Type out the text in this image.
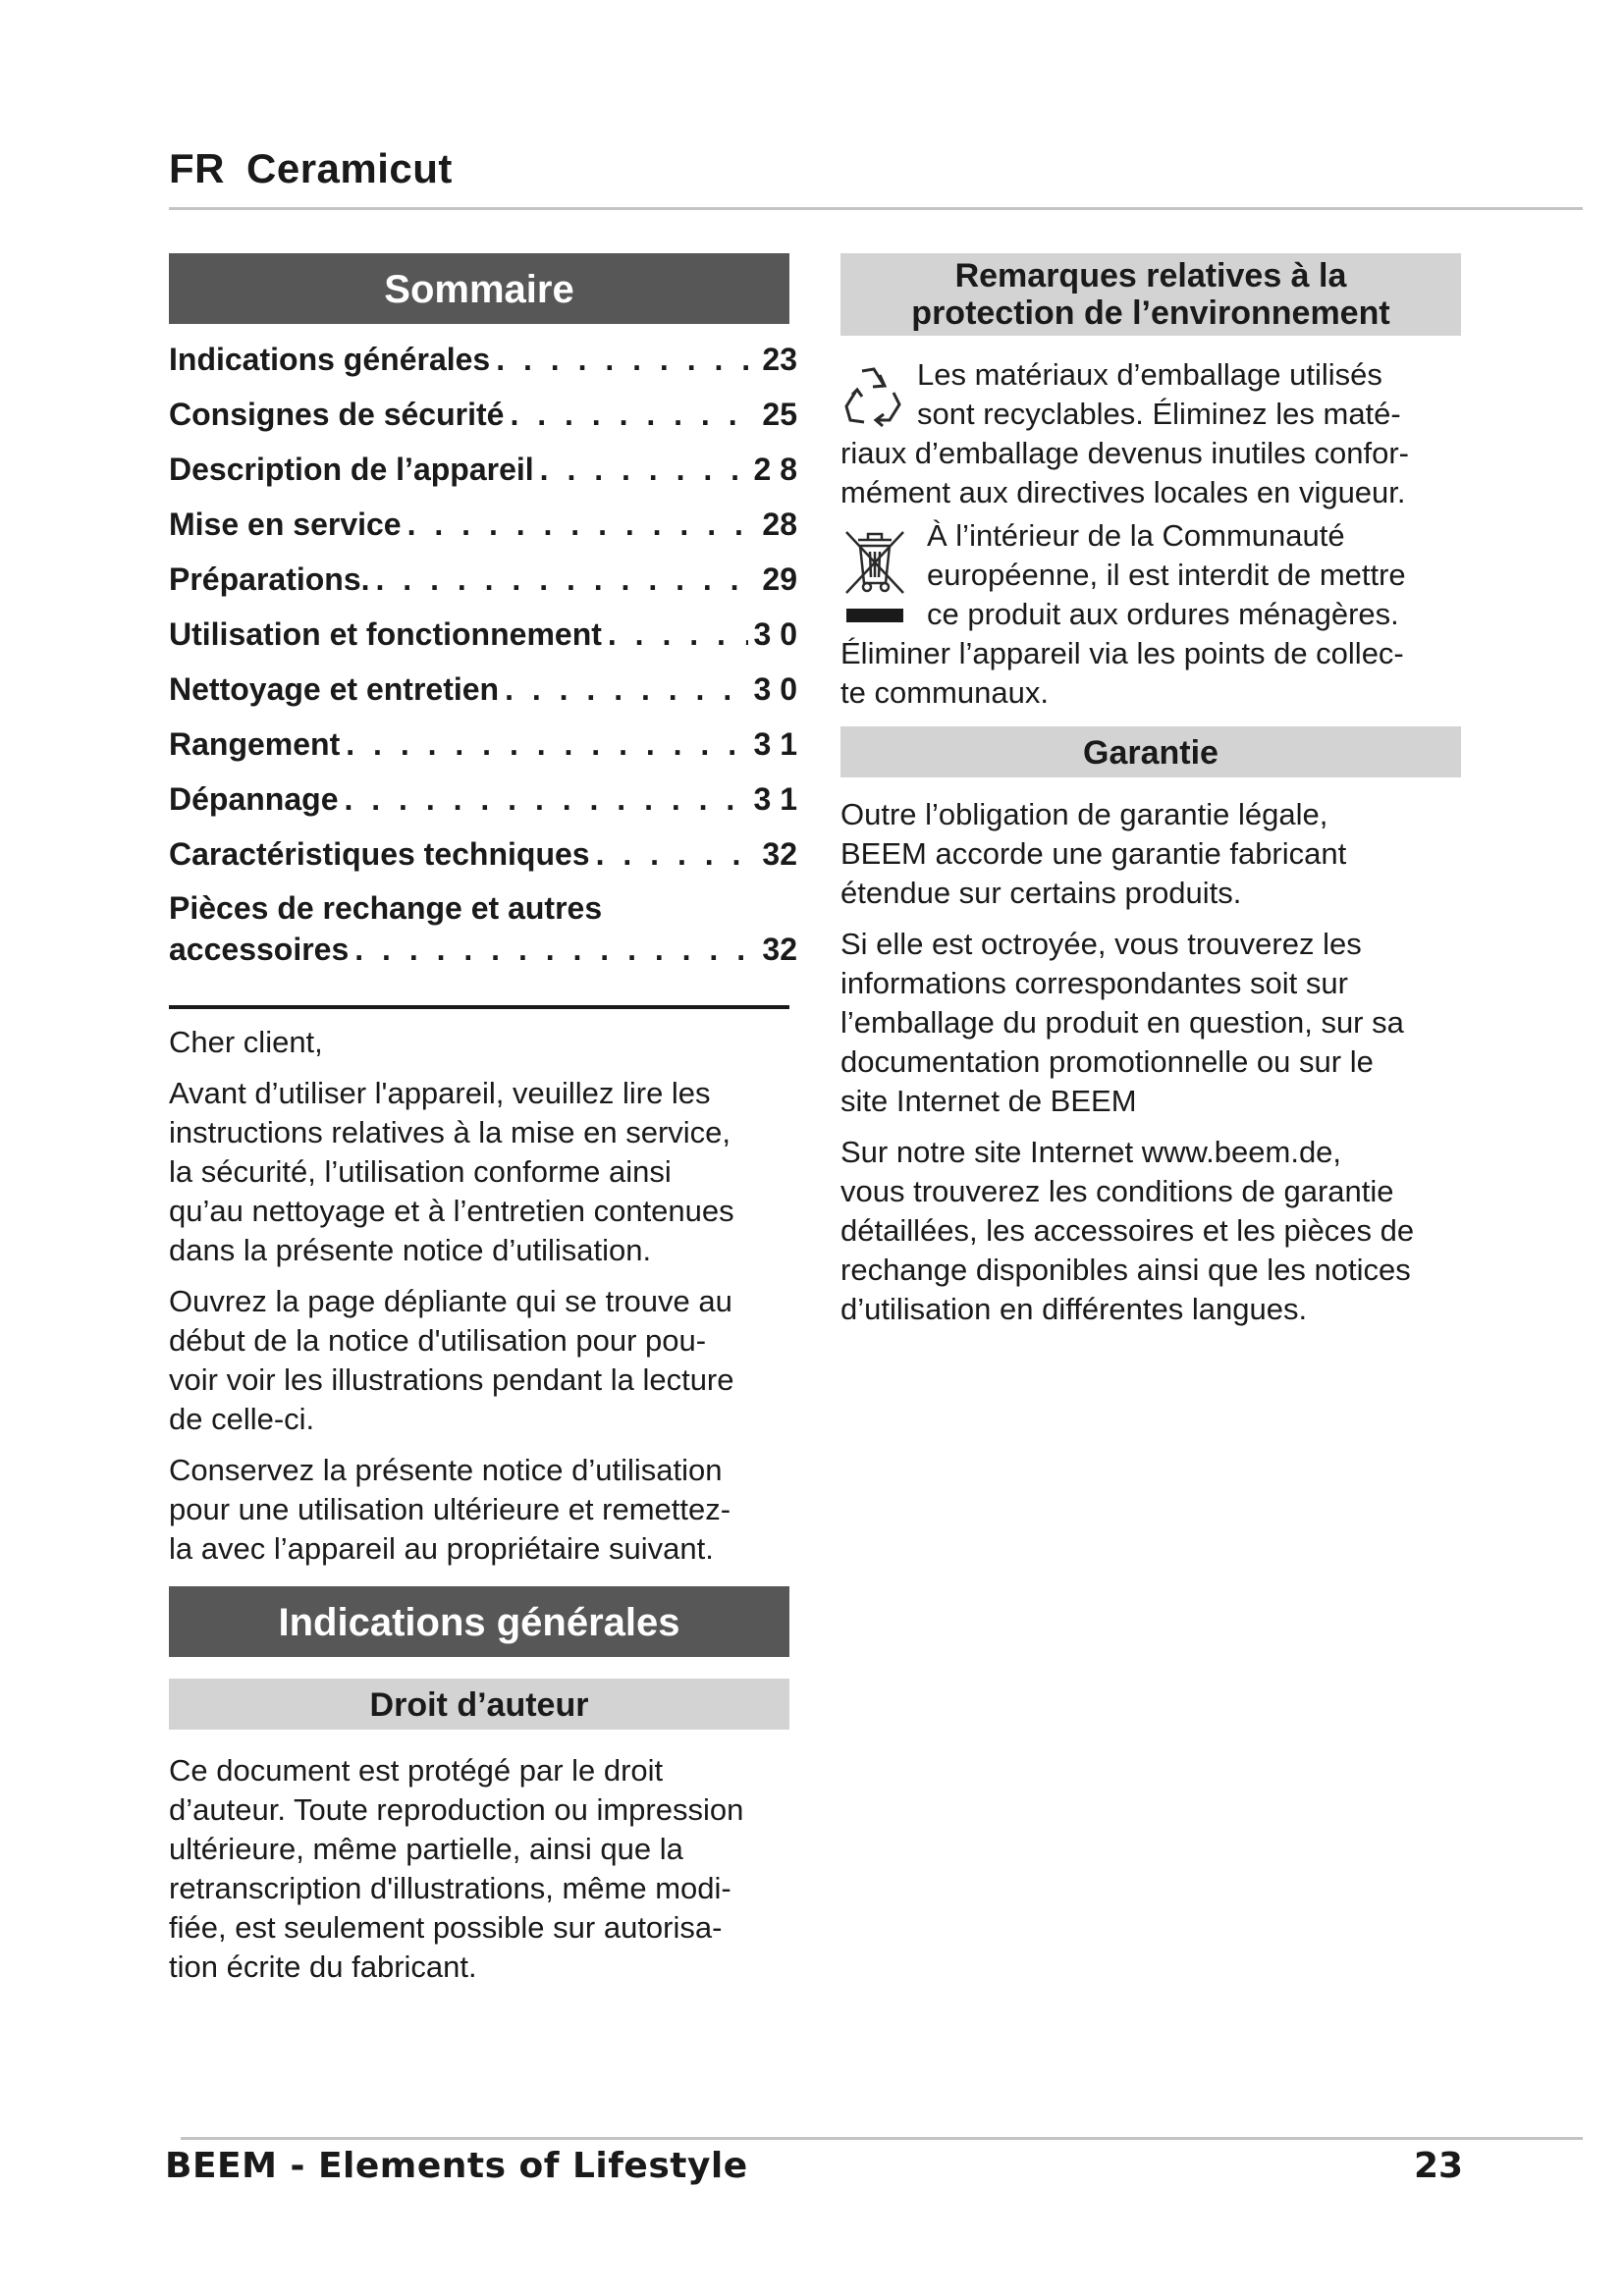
FR Ceramicut
Sommaire
Indications générales . . .	23
Consignes de sécurité . . .	25
Description de l’appareil . . .	2 8
Mise en service . . .	28
Préparations. . . .	29
Utilisation et fonctionnement . . .	3 0
Nettoyage et entretien . . .	3 0
Rangement . . .	3 1
Dépannage . . .	3 1
Caractéristiques techniques . . .	32
Pièces de rechange et autres
accessoires . . .	32

Cher client,

Avant d’utiliser l'appareil, veuillez lire les
instructions relatives à la mise en service,
la sécurité, l’utilisation conforme ainsi
qu’au nettoyage et à l’entretien contenues
dans la présente notice d’utilisation.
Ouvrez la page dépliante qui se trouve au
début de la notice d'utilisation pour pou-
voir voir les illustrations pendant la lecture
de celle-ci.
Conservez la présente notice d’utilisation
pour une utilisation ultérieure et remettez-
la avec l’appareil au propriétaire suivant.
Indications générales
Droit d’auteur
Ce document est protégé par le droit
d’auteur. Toute reproduction ou impression
ultérieure, même partielle, ainsi que la
retranscription d'illustrations, même modi-
fiée, est seulement possible sur autorisa-
tion écrite du fabricant.
Remarques relatives à la
protection de l’environnement
Les matériaux d’emballage utilisés
sont recyclables. Éliminez les maté-
riaux d’emballage devenus inutiles confor-
mément aux directives locales en vigueur.
À l’intérieur de la Communauté
européenne, il est interdit de mettre
ce produit aux ordures ménagères.
Éliminer l’appareil via les points de collec-
te communaux.
Garantie
Outre l’obligation de garantie légale,
BEEM accorde une garantie fabricant
étendue sur certains produits.
Si elle est octroyée, vous trouverez les
informations correspondantes soit sur
l’emballage du produit en question, sur sa
documentation promotionnelle ou sur le
site Internet de BEEM
Sur notre site Internet www.beem.de,
vous trouverez les conditions de garantie
détaillées, les accessoires et les pièces de
rechange disponibles ainsi que les notices
d’utilisation en différentes langues.
BEEM - Elements of Lifestyle	23
